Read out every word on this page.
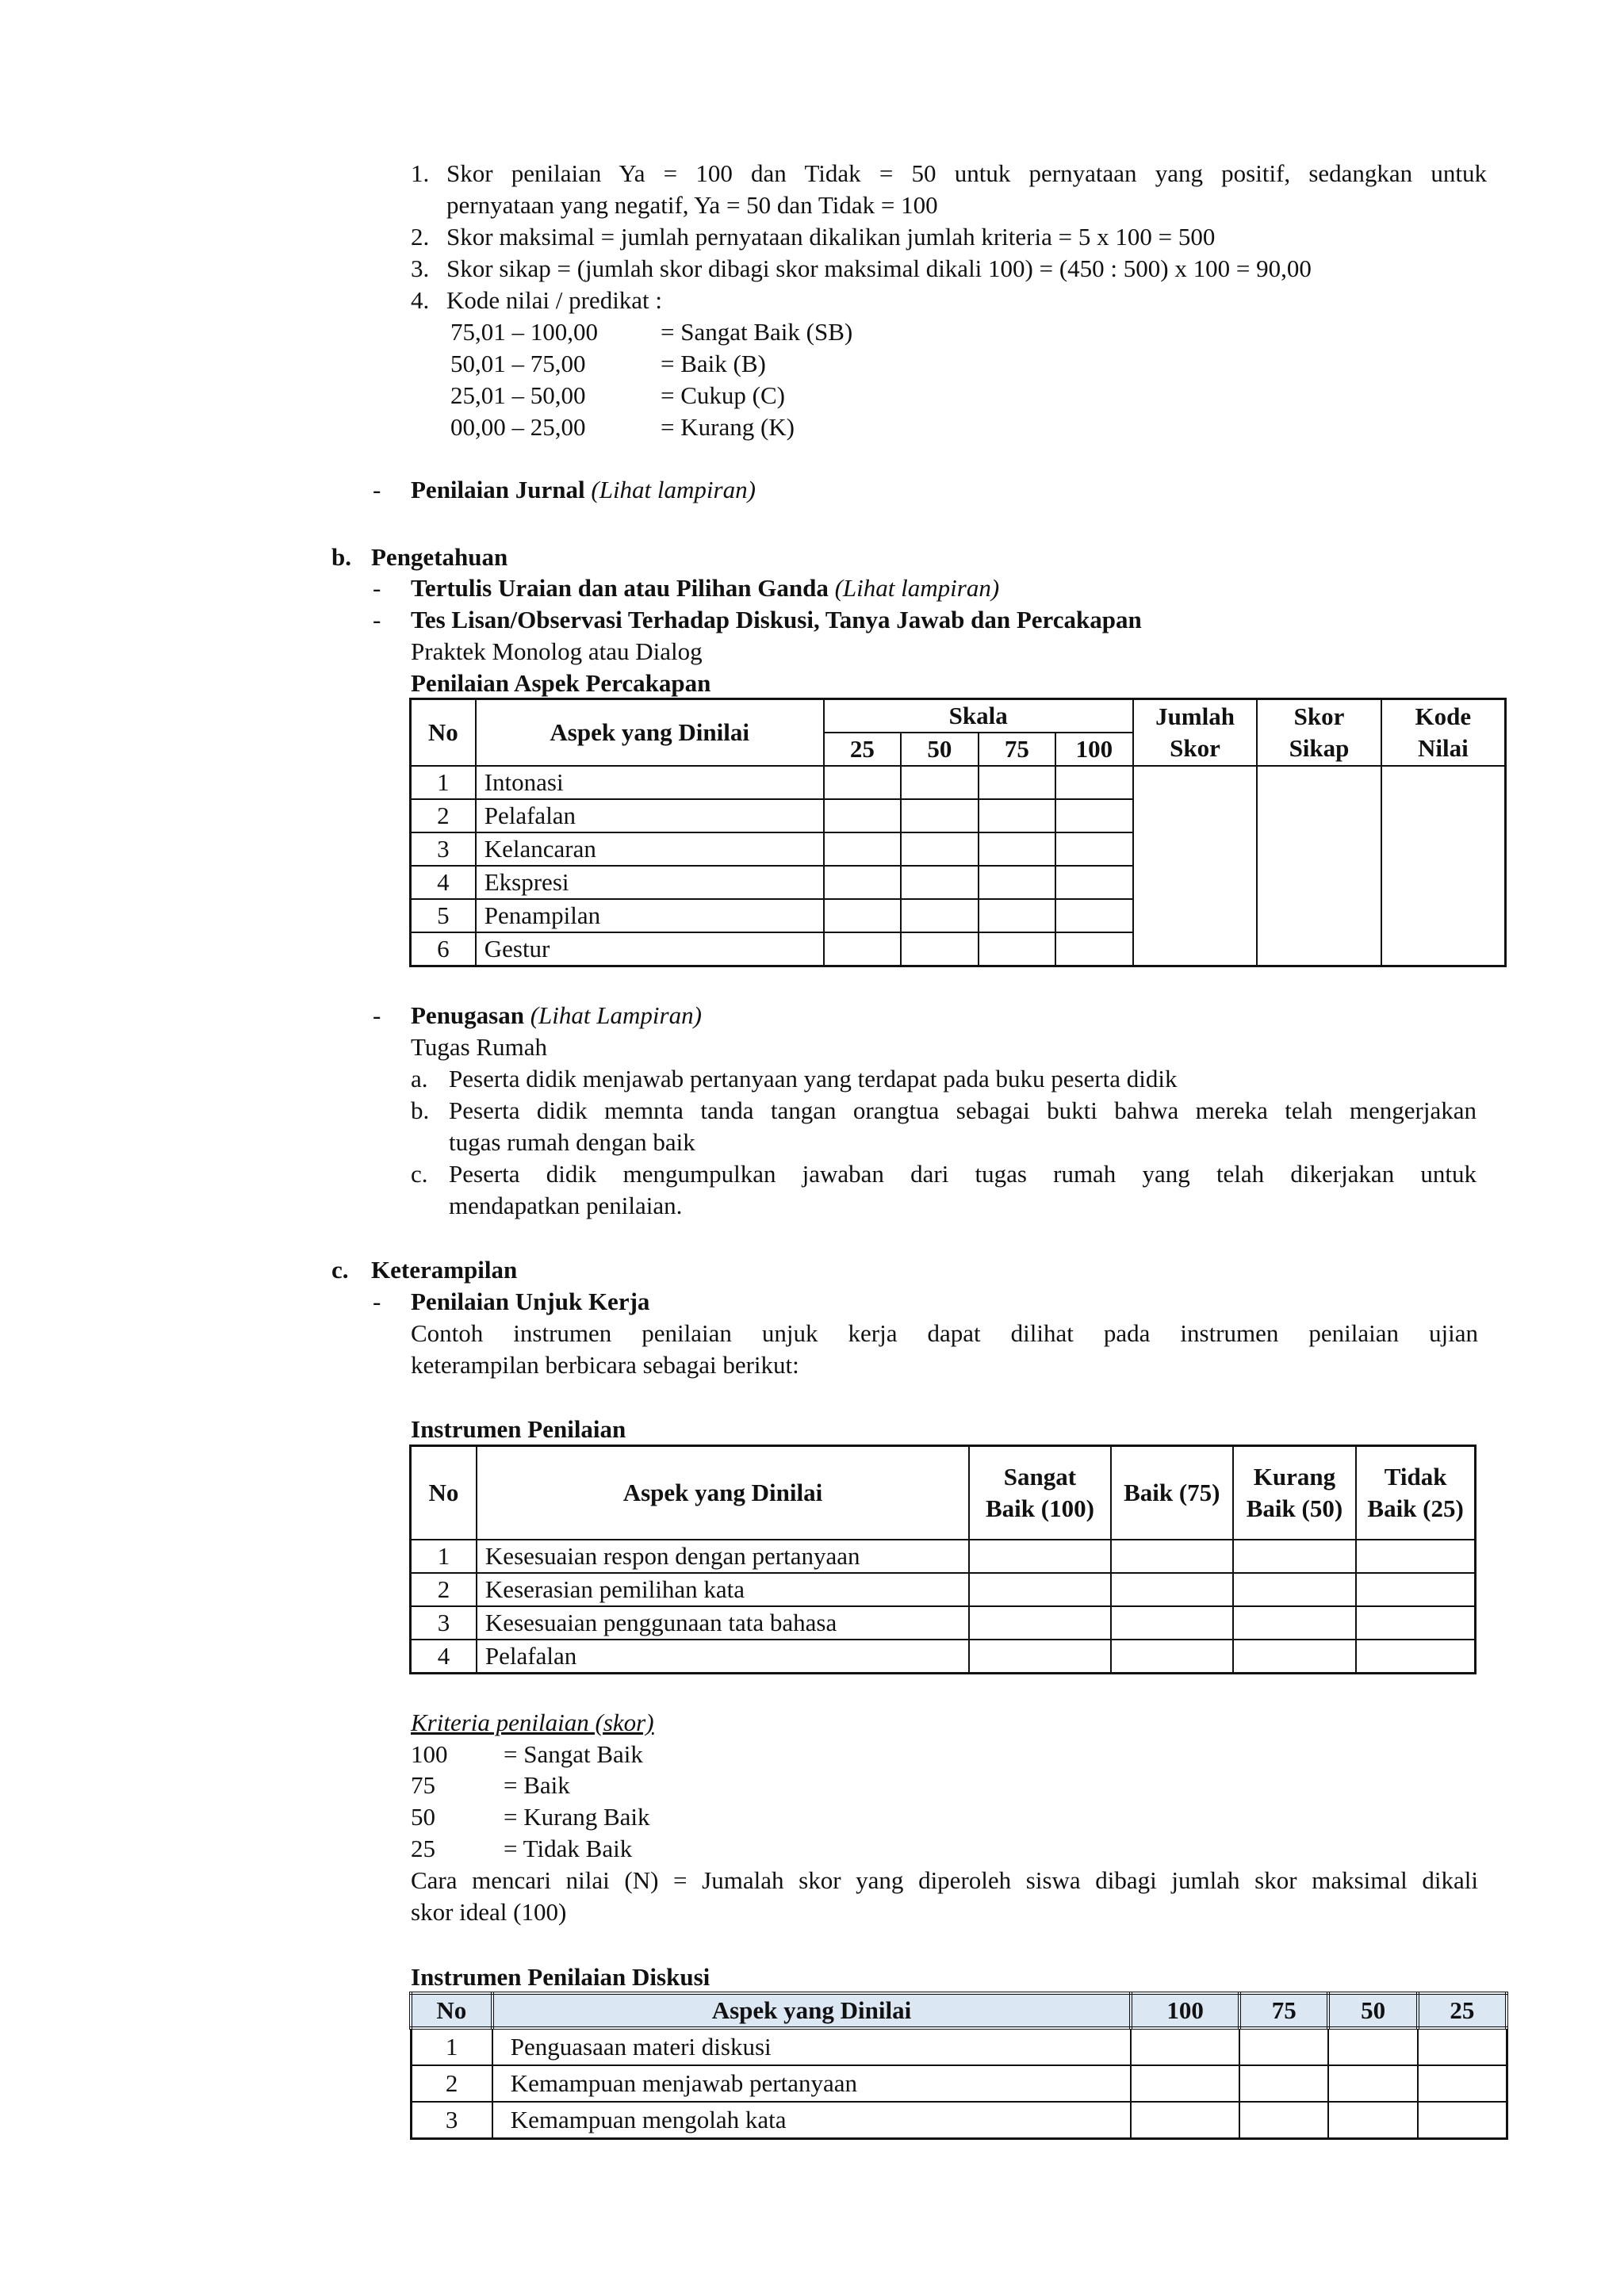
1. Skor penilaian Ya = 100 dan Tidak = 50 untuk pernyataan yang positif, sedangkan untuk
pernyataan yang negatif, Ya = 50 dan Tidak = 100
2. Skor maksimal = jumlah pernyataan dikalikan jumlah kriteria = 5 x 100 = 500
3. Skor sikap = (jumlah skor dibagi skor maksimal dikali 100) = (450 : 500) x 100 = 90,00
4. Kode nilai / predikat :
75,01 – 100,00	= Sangat Baik (SB)
50,01 – 75,00	= Baik (B)
25,01 – 50,00	= Cukup (C)
00,00 – 25,00	= Kurang (K)
- Penilaian Jurnal (Lihat lampiran)
b. Pengetahuan
- Tertulis Uraian dan atau Pilihan Ganda (Lihat lampiran)
- Tes Lisan/Observasi Terhadap Diskusi, Tanya Jawab dan Percakapan
Praktek Monolog atau Dialog
Penilaian Aspek Percakapan
No	Aspek yang Dinilai	Skala				Jumlah Skor	Skor Sikap	Kode Nilai
		25	50	75	100			
1	Intonasi							
2	Pelafalan							
3	Kelancaran							
4	Ekspresi							
5	Penampilan							
6	Gestur							
- Penugasan (Lihat Lampiran)
Tugas Rumah
a. Peserta didik menjawab pertanyaan yang terdapat pada buku peserta didik
b. Peserta didik memnta tanda tangan orangtua sebagai bukti bahwa mereka telah mengerjakan
tugas rumah dengan baik
c. Peserta didik mengumpulkan jawaban dari tugas rumah yang telah dikerjakan untuk
mendapatkan penilaian.
c. Keterampilan
- Penilaian Unjuk Kerja
Contoh instrumen penilaian unjuk kerja dapat dilihat pada instrumen penilaian ujian
keterampilan berbicara sebagai berikut:
Instrumen Penilaian
No	Aspek yang Dinilai	Sangat Baik (100)	Baik (75)	Kurang Baik (50)	Tidak Baik (25)
1	Kesesuaian respon dengan pertanyaan				
2	Keserasian pemilihan kata				
3	Kesesuaian penggunaan tata bahasa				
4	Pelafalan				
Kriteria penilaian (skor)
100 = Sangat Baik
75	= Baik
50	= Kurang Baik
25	= Tidak Baik
Cara mencari nilai (N) = Jumalah skor yang diperoleh siswa dibagi jumlah skor maksimal dikali
skor ideal (100)
Instrumen Penilaian Diskusi
No	Aspek yang Dinilai	100	75	50	25
1	Penguasaan materi diskusi				
2	Kemampuan menjawab pertanyaan				
3	Kemampuan mengolah kata				
